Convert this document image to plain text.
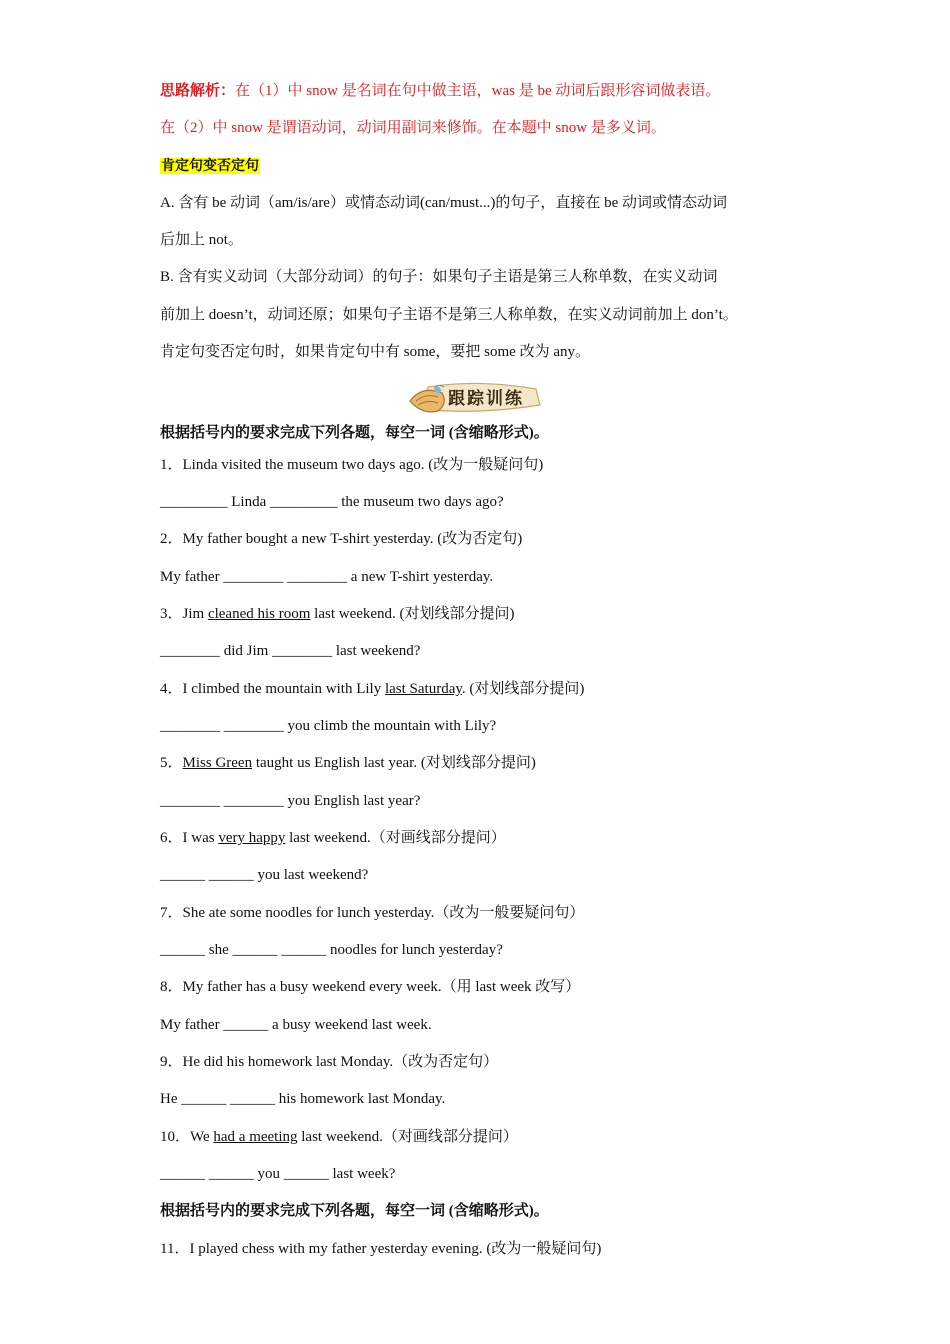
思路解析：在（1）中 snow 是名词在句中做主语，was 是 be 动词后跟形容词做表语。
在（2）中 snow 是谓语动词，动词用副词来修饰。在本题中 snow 是多义词。
肯定句变否定句
A. 含有 be 动词（am/is/are）或情态动词(can/must...)的句子，直接在 be 动词或情态动词
后加上 not。
B. 含有实义动词（大部分动词）的句子：如果句子主语是第三人称单数，在实义动词
前加上 doesn’t，动词还原；如果句子主语不是第三人称单数，在实义动词前加上 don’t。
肯定句变否定句时，如果肯定句中有 some，要把 some 改为 any。
跟踪训练
根据括号内的要求完成下列各题，每空一词 (含缩略形式)。
1．Linda visited the museum two days ago. (改为一般疑问句)
_________ Linda _________ the museum two days ago?
2．My father bought a new T-shirt yesterday. (改为否定句)
My father ________ ________ a new T-shirt yesterday.
3．Jim cleaned his room last weekend. (对划线部分提问)
________ did Jim ________ last weekend?
4．I climbed the mountain with Lily last Saturday. (对划线部分提问)
________ ________ you climb the mountain with Lily?
5．Miss Green taught us English last year. (对划线部分提问)
________ ________ you English last year?
6．I was very happy last weekend.（对画线部分提问）
______ ______ you last weekend?
7．She ate some noodles for lunch yesterday.（改为一般要疑问句）
______ she ______ ______ noodles for lunch yesterday?
8．My father has a busy weekend every week.（用 last week 改写）
My father ______ a busy weekend last week.
9．He did his homework last Monday.（改为否定句）
He ______ ______ his homework last Monday.
10．We had a meeting last weekend.（对画线部分提问）
______ ______ you ______ last week?
根据括号内的要求完成下列各题，每空一词 (含缩略形式)。
11．I played chess with my father yesterday evening. (改为一般疑问句)
